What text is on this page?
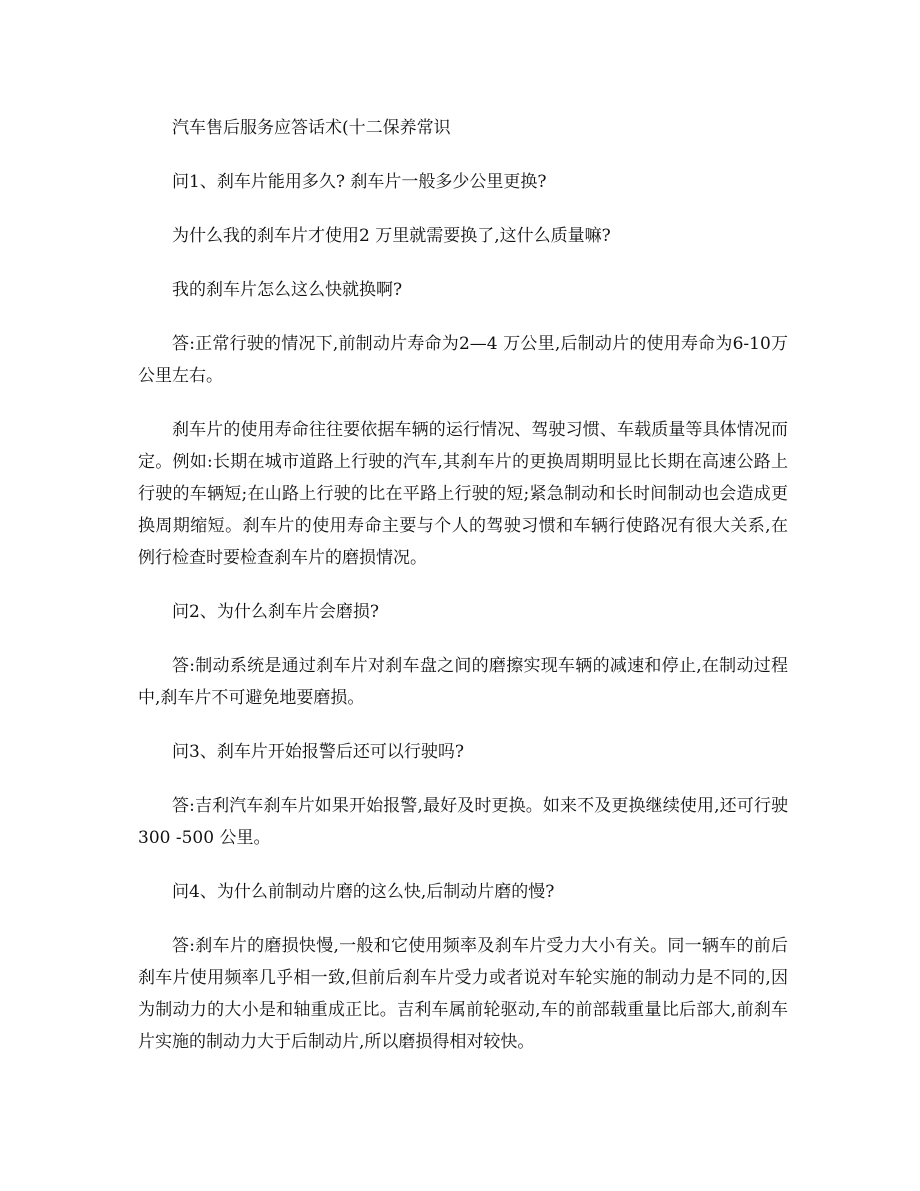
汽车售后服务应答话术(十二保养常识

问1、刹车片能用多久? 刹车片一般多少公里更换?

为什么我的刹车片才使用2 万里就需要换了,这什么质量嘛?

我的刹车片怎么这么快就换啊?

答:正常行驶的情况下,前制动片寿命为2—4 万公里,后制动片的使用寿命为6-10万公里左右。

刹车片的使用寿命往往要依据车辆的运行情况、驾驶习惯、车载质量等具体情况而定。例如:长期在城市道路上行驶的汽车,其刹车片的更换周期明显比长期在高速公路上行驶的车辆短;在山路上行驶的比在平路上行驶的短;紧急制动和长时间制动也会造成更换周期缩短。刹车片的使用寿命主要与个人的驾驶习惯和车辆行使路况有很大关系,在例行检查时要检查刹车片的磨损情况。

问2、为什么刹车片会磨损?

答:制动系统是通过刹车片对刹车盘之间的磨擦实现车辆的减速和停止,在制动过程中,刹车片不可避免地要磨损。

问3、刹车片开始报警后还可以行驶吗?

答:吉利汽车刹车片如果开始报警,最好及时更换。如来不及更换继续使用,还可行驶300 -500 公里。

问4、为什么前制动片磨的这么快,后制动片磨的慢?

答:刹车片的磨损快慢,一般和它使用频率及刹车片受力大小有关。同一辆车的前后刹车片使用频率几乎相一致,但前后刹车片受力或者说对车轮实施的制动力是不同的,因为制动力的大小是和轴重成正比。吉利车属前轮驱动,车的前部载重量比后部大,前刹车片实施的制动力大于后制动片,所以磨损得相对较快。
